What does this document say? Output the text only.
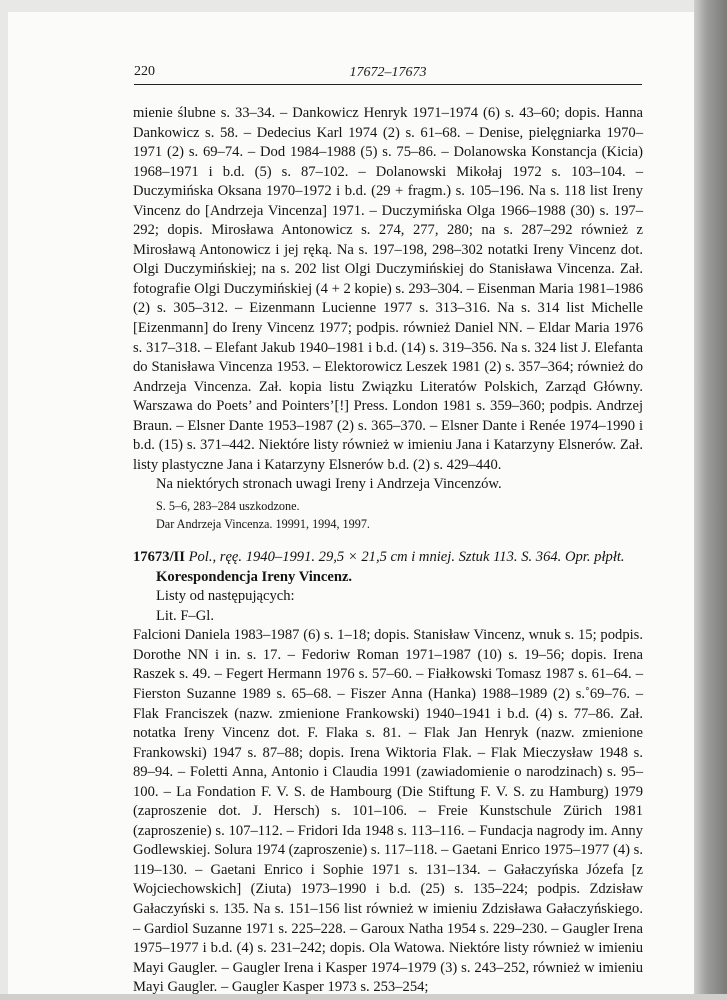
220	17672–17673

mienie ślubne s. 33–34. – Dankowicz Henryk 1971–1974 (6) s. 43–60; dopis. Hanna Dankowicz s. 58. – Dedecius Karl 1974 (2) s. 61–68. – Denise, pielęgniarka 1970–1971 (2) s. 69–74. – Dod 1984–1988 (5) s. 75–86. – Dolanowska Konstancja (Kicia) 1968–1971 i b.d. (5) s. 87–102. – Dolanowski Mikołaj 1972 s. 103–104. – Duczymińska Oksana 1970–1972 i b.d. (29 + fragm.) s. 105–196. Na s. 118 list Ireny Vincenz do [Andrzeja Vincenza] 1971. – Duczymińska Olga 1966–1988 (30) s. 197–292; dopis. Mirosława Antonowicz s. 274, 277, 280; na s. 287–292 również z Mirosławą Antonowicz i jej ręką. Na s. 197–198, 298–302 notatki Ireny Vincenz dot. Olgi Duczymińskiej; na s. 202 list Olgi Duczymińskiej do Stanisława Vincenza. Zał. fotografie Olgi Duczymińskiej (4 + 2 kopie) s. 293–304. – Eisenman Maria 1981–1986 (2) s. 305–312. – Eizenmann Lucienne 1977 s. 313–316. Na s. 314 list Michelle [Eizenmann] do Ireny Vincenz 1977; podpis. również Daniel NN. – Eldar Maria 1976 s. 317–318. – Elefant Jakub 1940–1981 i b.d. (14) s. 319–356. Na s. 324 list J. Elefanta do Stanisława Vincenza 1953. – Elektorowicz Leszek 1981 (2) s. 357–364; również do Andrzeja Vincenza. Zał. kopia listu Związku Literatów Polskich, Zarząd Główny. Warszawa do Poets’ and Pointers’[!] Press. London 1981 s. 359–360; podpis. Andrzej Braun. – Elsner Dante 1953–1987 (2) s. 365–370. – Elsner Dante i Renée 1974–1990 i b.d. (15) s. 371–442. Niektóre listy również w imieniu Jana i Katarzyny Elsnerów. Zał. listy plastyczne Jana i Katarzyny Elsnerów b.d. (2) s. 429–440.

Na niektórych stronach uwagi Ireny i Andrzeja Vincenzów.

S. 5–6, 283–284 uszkodzone.
Dar Andrzeja Vincenza. 19991, 1994, 1997.
17673/II Pol., ręę. 1940–1991. 29,5 × 21,5 cm i mniej. Sztuk 113. S. 364. Opr. płpłt.
Korespondencja Ireny Vincenz.
Listy od następujących:
Lit. F–Gl.

Falcioni Daniela 1983–1987 (6) s. 1–18; dopis. Stanisław Vincenz, wnuk s. 15; podpis. Dorothe NN i in. s. 17. – Fedoriw Roman 1971–1987 (10) s. 19–56; dopis. Irena Raszek s. 49. – Fegert Hermann 1976 s. 57–60. – Fiałkowski Tomasz 1987 s. 61–64. – Fierston Suzanne 1989 s. 65–68. – Fiszer Anna (Hanka) 1988–1989 (2) s.˚69–76. – Flak Franciszek (nazw. zmienione Frankowski) 1940–1941 i b.d. (4) s. 77–86. Zał. notatka Ireny Vincenz dot. F. Flaka s. 81. – Flak Jan Henryk (nazw. zmienione Frankowski) 1947 s. 87–88; dopis. Irena Wiktoria Flak. – Flak Mieczysław 1948 s. 89–94. – Foletti Anna, Antonio i Claudia 1991 (zawiadomienie o narodzinach) s. 95–100. – La Fondation F. V. S. de Hambourg (Die Stiftung F. V. S. zu Hamburg) 1979 (zaproszenie dot. J. Hersch) s. 101–106. – Freie Kunstschule Zürich 1981 (zaproszenie) s. 107–112. – Fridori Ida 1948 s. 113–116. – Fundacja nagrody im. Anny Godlewskiej. Solura 1974 (zaproszenie) s. 117–118. – Gaetani Enrico 1975–1977 (4) s. 119–130. – Gaetani Enrico i Sophie 1971 s. 131–134. – Gałaczyńska Józefa [z Wojciechowskich] (Ziuta) 1973–1990 i b.d. (25) s. 135–224; podpis. Zdzisław Gałaczyński s. 135. Na s. 151–156 list również w imieniu Zdzisława Gałaczyńskiego. – Gardiol Suzanne 1971 s. 225–228. – Garoux Natha 1954 s. 229–230. – Gaugler Irena 1975–1977 i b.d. (4) s. 231–242; dopis. Ola Watowa. Niektóre listy również w imieniu Mayi Gaugler. – Gaugler Irena i Kasper 1974–1979 (3) s. 243–252, również w imieniu Mayi Gaugler. – Gaugler Kasper 1973 s. 253–254;
